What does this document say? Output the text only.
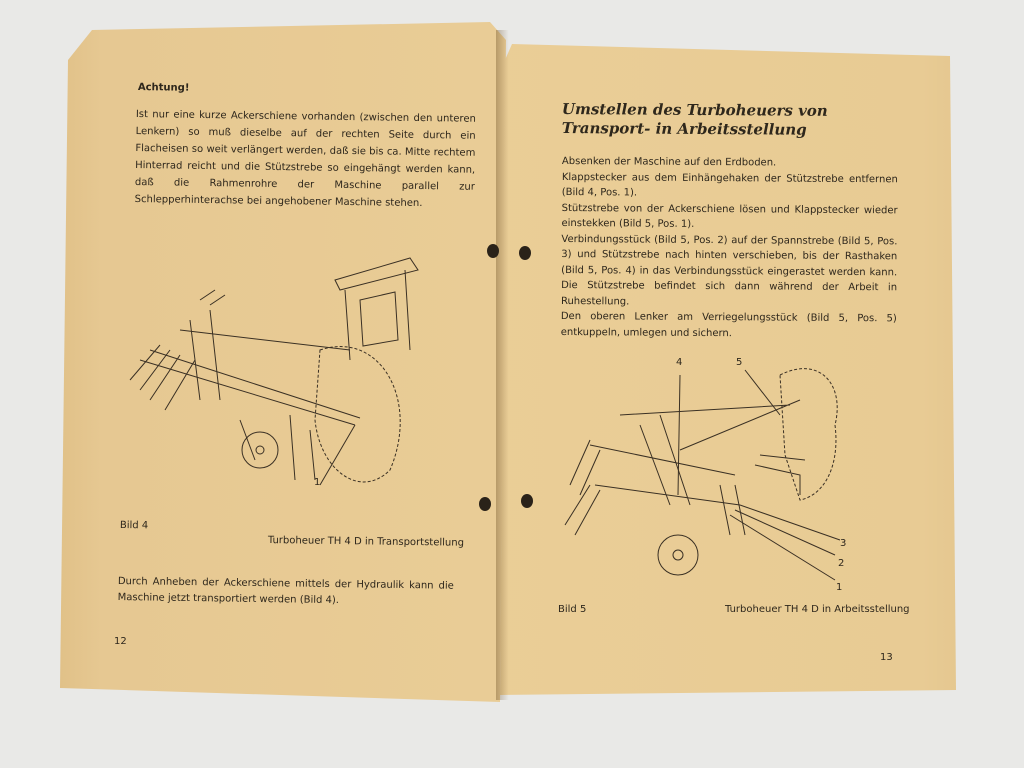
Achtung!
Ist nur eine kurze Ackerschiene vorhanden (zwischen den unteren Lenkern) so muß dieselbe auf der rechten Seite durch ein Flacheisen so weit verlängert werden, daß sie bis ca. Mitte rechtem Hinterrad reicht und die Stützstrebe so eingehängt werden kann, daß die Rahmenrohre der Maschine parallel zur Schlepperhinterachse bei angehobener Maschine stehen.
1
Bild 4
Turboheuer TH 4 D in Transportstellung
Durch Anheben der Ackerschiene mittels der Hydraulik kann die Maschine jetzt transportiert werden (Bild 4).
12
Umstellen des Turboheuers von Transport- in Arbeitsstellung
Absenken der Maschine auf den Erdboden.
Klappstecker aus dem Einhängehaken der Stützstrebe entfernen (Bild 4, Pos. 1).
Stützstrebe von der Ackerschiene lösen und Klappstecker wieder einstekken (Bild 5, Pos. 1).
Verbindungsstück (Bild 5, Pos. 2) auf der Spannstrebe (Bild 5, Pos. 3) und Stützstrebe nach hinten verschieben, bis der Rasthaken (Bild 5, Pos. 4) in das Verbindungsstück eingerastet werden kann. Die Stützstrebe befindet sich dann während der Arbeit in Ruhestellung.
Den oberen Lenker am Verriegelungsstück (Bild 5, Pos. 5) entkuppeln, umlegen und sichern.
4	5
3
2
1
Bild 5	Turboheuer TH 4 D in Arbeitsstellung
13
